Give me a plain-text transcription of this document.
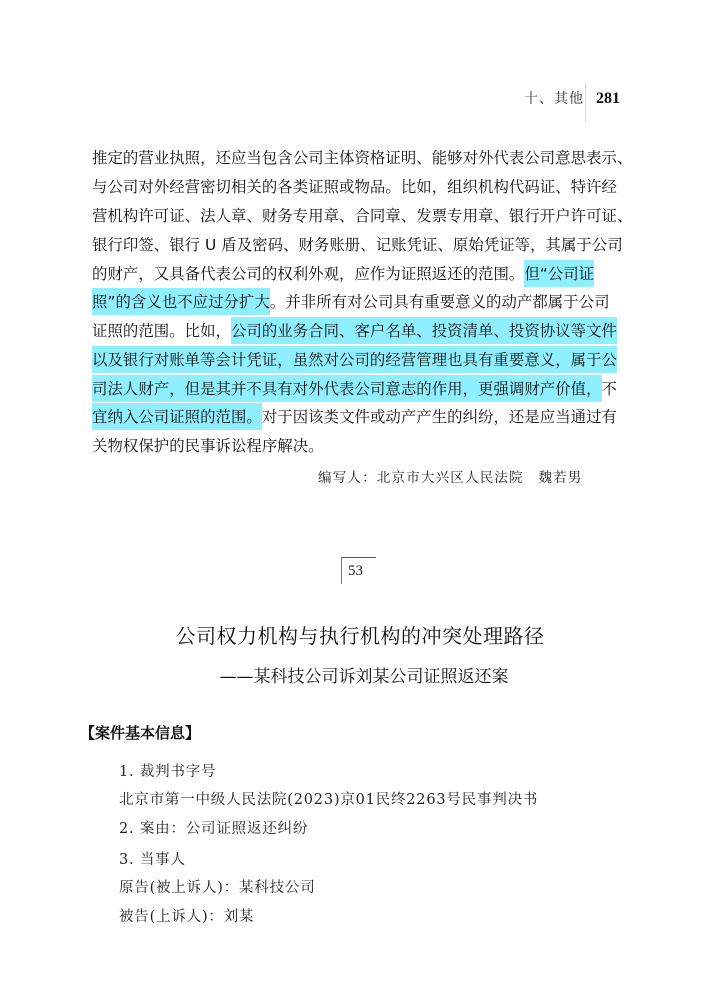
十、其他 281
推定的营业执照，还应当包含公司主体资格证明、能够对外代表公司意思表示、
与公司对外经营密切相关的各类证照或物品。比如，组织机构代码证、特许经
营机构许可证、法人章、财务专用章、合同章、发票专用章、银行开户许可证、
银行印签、银行 U 盾及密码、财务账册、记账凭证、原始凭证等，其属于公司
的财产，又具备代表公司的权利外观，应作为证照返还的范围。但“公司证
照”的含义也不应过分扩大。并非所有对公司具有重要意义的动产都属于公司
证照的范围。比如，公司的业务合同、客户名单、投资清单、投资协议等文件
以及银行对账单等会计凭证，虽然对公司的经营管理也具有重要意义，属于公
司法人财产，但是其并不具有对外代表公司意志的作用，更强调财产价值，不
宜纳入公司证照的范围。对于因该类文件或动产产生的纠纷，还是应当通过有
关物权保护的民事诉讼程序解决。
编写人：北京市大兴区人民法院　魏若男
53
公司权力机构与执行机构的冲突处理路径
——某科技公司诉刘某公司证照返还案
【案件基本信息】
1. 裁判书字号
北京市第一中级人民法院(2023)京01民终2263号民事判决书
2. 案由：公司证照返还纠纷
3. 当事人
原告(被上诉人)：某科技公司
被告(上诉人)：刘某
